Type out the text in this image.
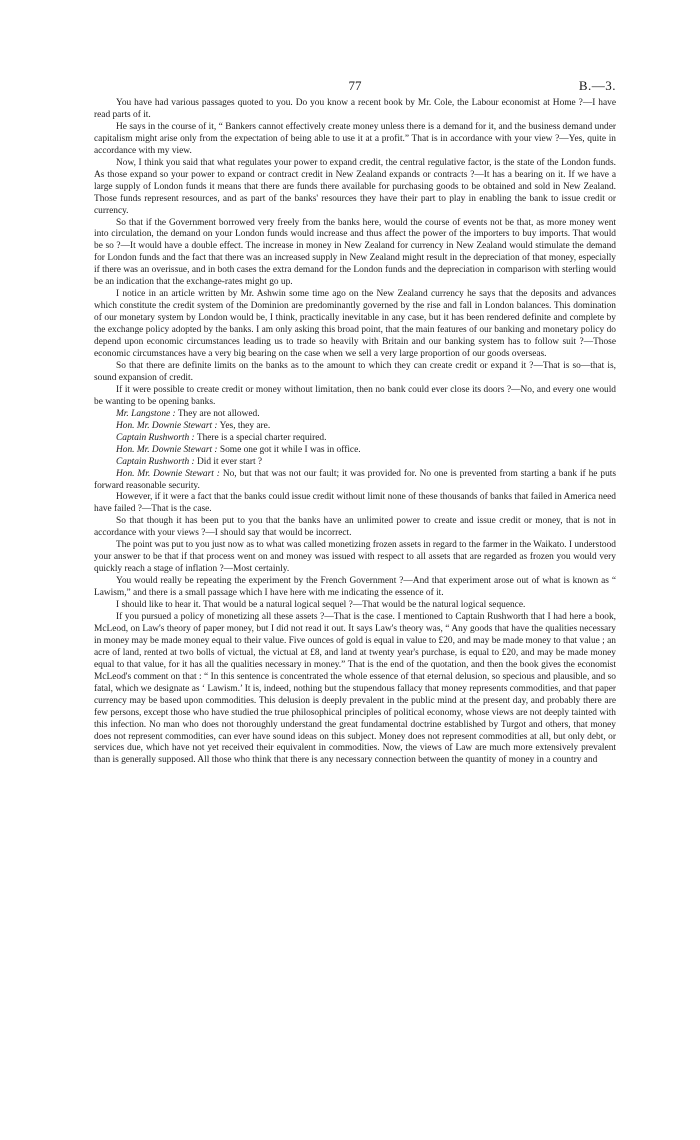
77	B.—3.

You have had various passages quoted to you. Do you know a recent book by Mr. Cole, the Labour economist at Home ?—I have read parts of it.

He says in the course of it, “ Bankers cannot effectively create money unless there is a demand for it, and the business demand under capitalism might arise only from the expectation of being able to use it at a profit.” That is in accordance with your view ?—Yes, quite in accordance with my view.

Now, I think you said that what regulates your power to expand credit, the central regulative factor, is the state of the London funds. As those expand so your power to expand or contract credit in New Zealand expands or contracts ?—It has a bearing on it. If we have a large supply of London funds it means that there are funds there available for purchasing goods to be obtained and sold in New Zealand. Those funds represent resources, and as part of the banks' resources they have their part to play in enabling the bank to issue credit or currency.

So that if the Government borrowed very freely from the banks here, would the course of events not be that, as more money went into circulation, the demand on your London funds would increase and thus affect the power of the importers to buy imports. That would be so ?—It would have a double effect. The increase in money in New Zealand for currency in New Zealand would stimulate the demand for London funds and the fact that there was an increased supply in New Zealand might result in the depreciation of that money, especially if there was an overissue, and in both cases the extra demand for the London funds and the depreciation in comparison with sterling would be an indication that the exchange-rates might go up.

I notice in an article written by Mr. Ashwin some time ago on the New Zealand currency he says that the deposits and advances which constitute the credit system of the Dominion are predominantly governed by the rise and fall in London balances. This domination of our monetary system by London would be, I think, practically inevitable in any case, but it has been rendered definite and complete by the exchange policy adopted by the banks. I am only asking this broad point, that the main features of our banking and monetary policy do depend upon economic circumstances leading us to trade so heavily with Britain and our banking system has to follow suit ?—Those economic circumstances have a very big bearing on the case when we sell a very large proportion of our goods overseas.

So that there are definite limits on the banks as to the amount to which they can create credit or expand it ?—That is so—that is, sound expansion of credit.

If it were possible to create credit or money without limitation, then no bank could ever close its doors ?—No, and every one would be wanting to be opening banks.

Mr. Langstone : They are not allowed.

Hon. Mr. Downie Stewart : Yes, they are.

Captain Rushworth : There is a special charter required.

Hon. Mr. Downie Stewart : Some one got it while I was in office.

Captain Rushworth : Did it ever start ?

Hon. Mr. Downie Stewart : No, but that was not our fault; it was provided for. No one is prevented from starting a bank if he puts forward reasonable security.

However, if it were a fact that the banks could issue credit without limit none of these thousands of banks that failed in America need have failed ?—That is the case.

So that though it has been put to you that the banks have an unlimited power to create and issue credit or money, that is not in accordance with your views ?—I should say that would be incorrect.

The point was put to you just now as to what was called monetizing frozen assets in regard to the farmer in the Waikato. I understood your answer to be that if that process went on and money was issued with respect to all assets that are regarded as frozen you would very quickly reach a stage of inflation ?—Most certainly.

You would really be repeating the experiment by the French Government ?—And that experiment arose out of what is known as “ Lawism,” and there is a small passage which I have here with me indicating the essence of it.

I should like to hear it. That would be a natural logical sequel ?—That would be the natural logical sequence.

If you pursued a policy of monetizing all these assets ?—That is the case. I mentioned to Captain Rushworth that I had here a book, McLeod, on Law's theory of paper money, but I did not read it out. It says Law's theory was, “ Any goods that have the qualities necessary in money may be made money equal to their value. Five ounces of gold is equal in value to £20, and may be made money to that value ; an acre of land, rented at two bolls of victual, the victual at £8, and land at twenty year's purchase, is equal to £20, and may be made money equal to that value, for it has all the qualities necessary in money.” That is the end of the quotation, and then the book gives the economist McLeod's comment on that : “ In this sentence is concentrated the whole essence of that eternal delusion, so specious and plausible, and so fatal, which we designate as ‘ Lawism.’ It is, indeed, nothing but the stupendous fallacy that money represents commodities, and that paper currency may be based upon commodities. This delusion is deeply prevalent in the public mind at the present day, and probably there are few persons, except those who have studied the true philosophical principles of political economy, whose views are not deeply tainted with this infection. No man who does not thoroughly understand the great fundamental doctrine established by Turgot and others, that money does not represent commodities, can ever have sound ideas on this subject. Money does not represent commodities at all, but only debt, or services due, which have not yet received their equivalent in commodities. Now, the views of Law are much more extensively prevalent than is generally supposed. All those who think that there is any necessary connection between the quantity of money in a country and
